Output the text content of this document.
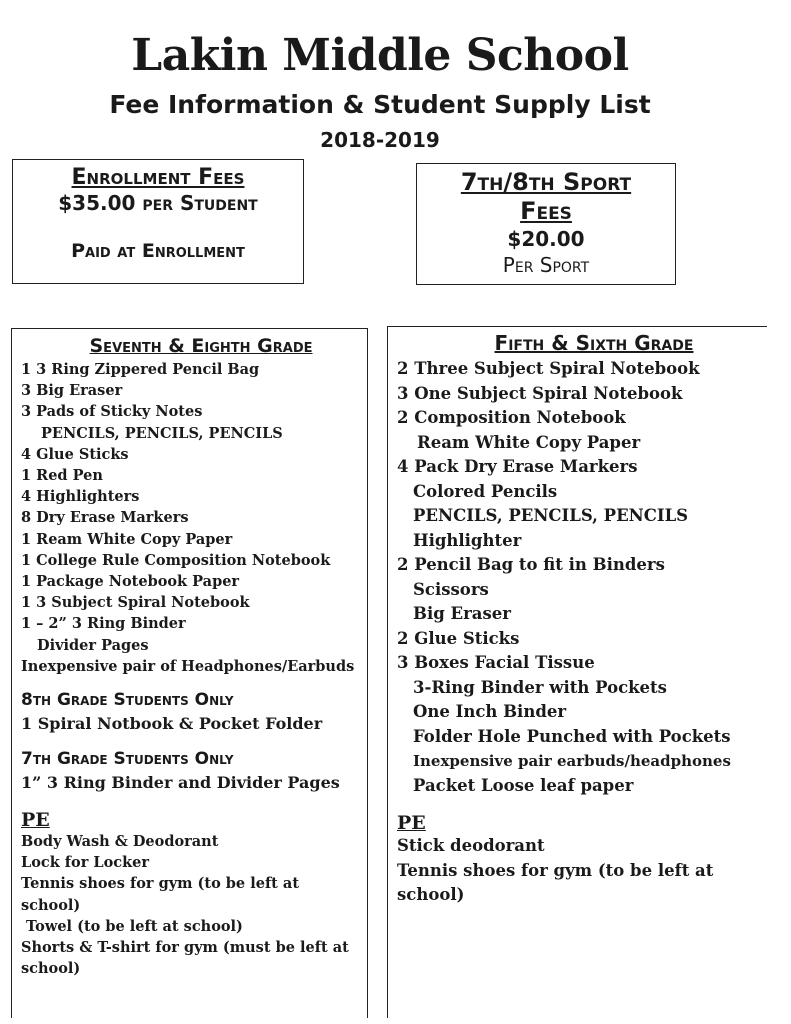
Lakin Middle School
Fee Information & Student Supply List
2018-2019
Enrollment Fees
$35.00 per Student
Paid at Enrollment
7th/8th Sport
Fees
$20.00
Per Sport
Seventh & Eighth Grade
1 3 Ring Zippered Pencil Bag
3 Big Eraser
3 Pads of Sticky Notes
PENCILS, PENCILS, PENCILS
4 Glue Sticks
1 Red Pen
4 Highlighters
8 Dry Erase Markers
1 Ream White Copy Paper
1 College Rule Composition Notebook
1 Package Notebook Paper
1 3 Subject Spiral Notebook
1 – 2” 3 Ring Binder
Divider Pages
Inexpensive pair of Headphones/Earbuds
8th Grade Students Only
1 Spiral Notbook & Pocket Folder
7th Grade Students Only
1” 3 Ring Binder and Divider Pages
PE
Body Wash & Deodorant
Lock for Locker
Tennis shoes for gym (to be left at school)
Towel (to be left at school)
Shorts & T-shirt for gym (must be left at school)
Fifth & Sixth Grade
2 Three Subject Spiral Notebook
3 One Subject Spiral Notebook
2 Composition Notebook
Ream White Copy Paper
4 Pack Dry Erase Markers
Colored Pencils
PENCILS, PENCILS, PENCILS
Highlighter
2 Pencil Bag to fit in Binders
Scissors
Big Eraser
2 Glue Sticks
3 Boxes Facial Tissue
3-Ring Binder with Pockets
One Inch Binder
Folder Hole Punched with Pockets
Inexpensive pair earbuds/headphones
Packet Loose leaf paper
PE
Stick deodorant
Tennis shoes for gym (to be left at school)
